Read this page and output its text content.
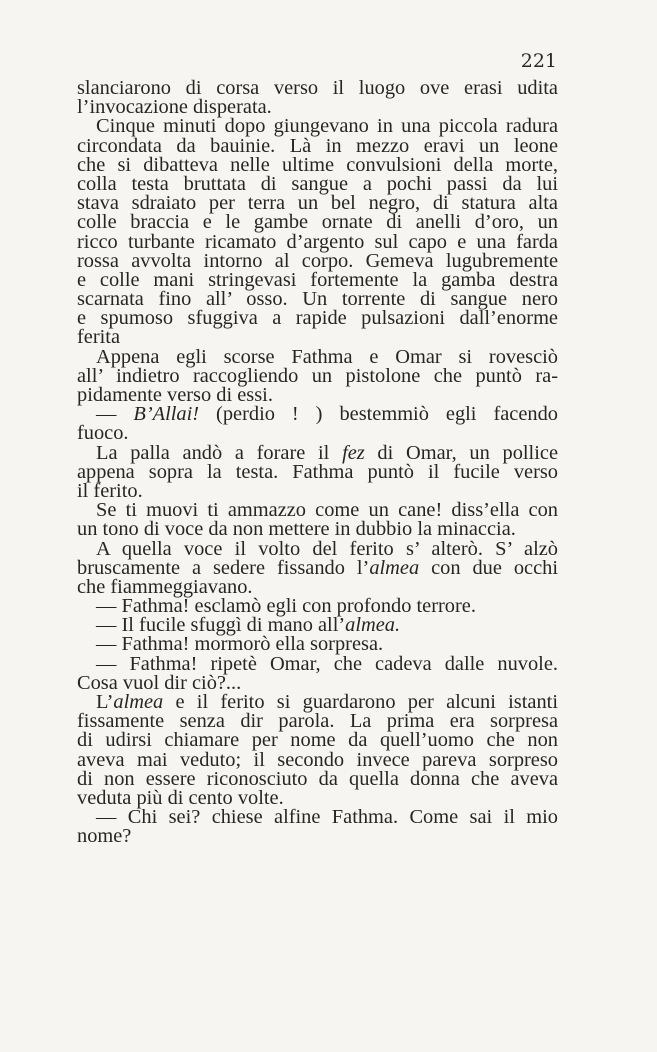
221
slanciarono di corsa verso il luogo ove erasi udita
l’invocazione disperata.
Cinque minuti dopo giungevano in una piccola radura
circondata da bauinie. Là in mezzo eravi un leone
che si dibatteva nelle ultime convulsioni della morte,
colla testa bruttata di sangue a pochi passi da lui
stava sdraiato per terra un bel negro, di statura alta
colle braccia e le gambe ornate di anelli d’oro, un
ricco turbante ricamato d’argento sul capo e una farda
rossa avvolta intorno al corpo. Gemeva lugubremente
e colle mani stringevasi fortemente la gamba destra
scarnata fino all’ osso. Un torrente di sangue nero
e spumoso sfuggiva a rapide pulsazioni dall’enorme
ferita
Appena egli scorse Fathma e Omar si rovesciò
all’ indietro raccogliendo un pistolone che puntò ra-
pidamente verso di essi.
— B’Allai! (perdio ! ) bestemmiò egli facendo
fuoco.
La palla andò a forare il fez di Omar, un pollice
appena sopra la testa. Fathma puntò il fucile verso
il ferito.
Se ti muovi ti ammazzo come un cane! diss’ella con
un tono di voce da non mettere in dubbio la minaccia.
A quella voce il volto del ferito s’ alterò. S’ alzò
bruscamente a sedere fissando l’almea con due occhi
che fiammeggiavano.
— Fathma! esclamò egli con profondo terrore.
— Il fucile sfuggì di mano all’almea.
— Fathma! mormorò ella sorpresa.
— Fathma! ripetè Omar, che cadeva dalle nuvole.
Cosa vuol dir ciò?...
L’almea e il ferito si guardarono per alcuni istanti
fissamente senza dir parola. La prima era sorpresa
di udirsi chiamare per nome da quell’uomo che non
aveva mai veduto; il secondo invece pareva sorpreso
di non essere riconosciuto da quella donna che aveva
veduta più di cento volte.
— Chi sei? chiese alfine Fathma. Come sai il mio
nome?
